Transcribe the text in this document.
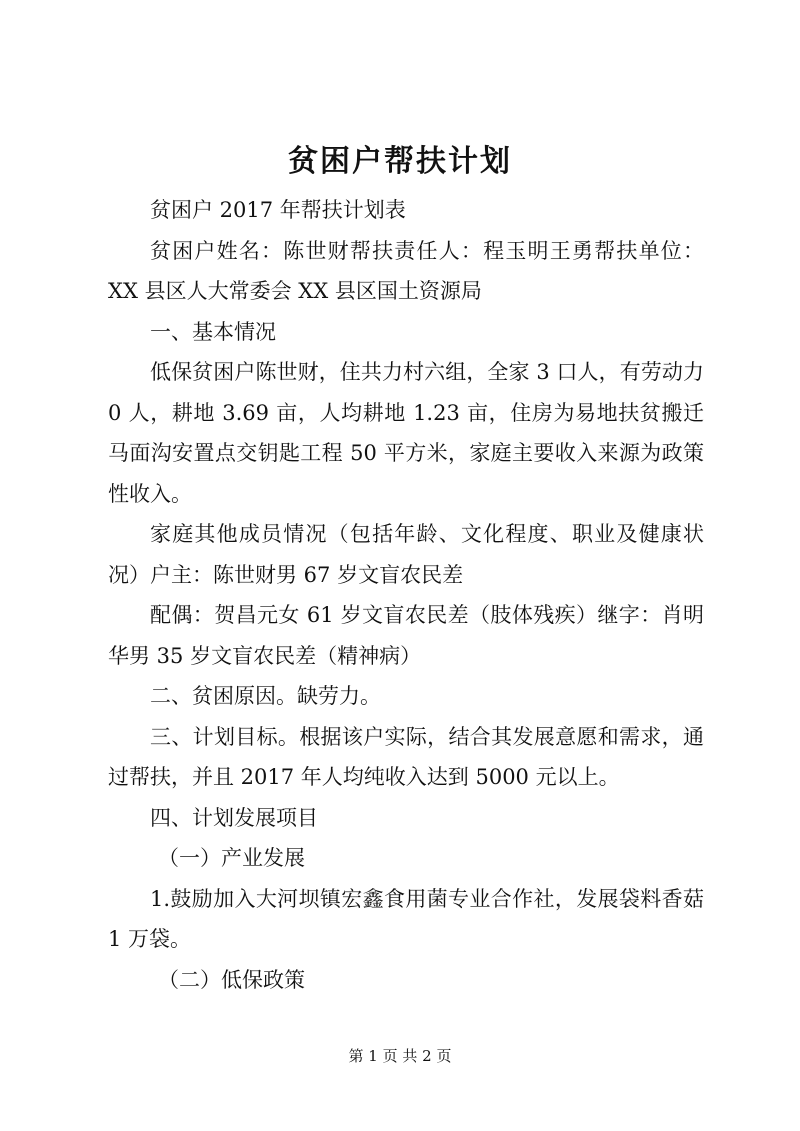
贫困户帮扶计划

贫困户 2017 年帮扶计划表

贫困户姓名：陈世财帮扶责任人：程玉明王勇帮扶单位：XX 县区人大常委会 XX 县区国土资源局

一、基本情况

低保贫困户陈世财，住共力村六组，全家 3 口人，有劳动力 0 人，耕地 3.69 亩，人均耕地 1.23 亩，住房为易地扶贫搬迁马面沟安置点交钥匙工程 50 平方米，家庭主要收入来源为政策性收入。

家庭其他成员情况（包括年龄、文化程度、职业及健康状况）户主：陈世财男 67 岁文盲农民差

配偶：贺昌元女 61 岁文盲农民差（肢体残疾）继字：肖明华男 35 岁文盲农民差（精神病）

二、贫困原因。缺劳力。

三、计划目标。根据该户实际，结合其发展意愿和需求，通过帮扶，并且 2017 年人均纯收入达到 5000 元以上。

四、计划发展项目

（一）产业发展

1.鼓励加入大河坝镇宏鑫食用菌专业合作社，发展袋料香菇 1 万袋。

（二）低保政策

第 1 页 共 2 页
